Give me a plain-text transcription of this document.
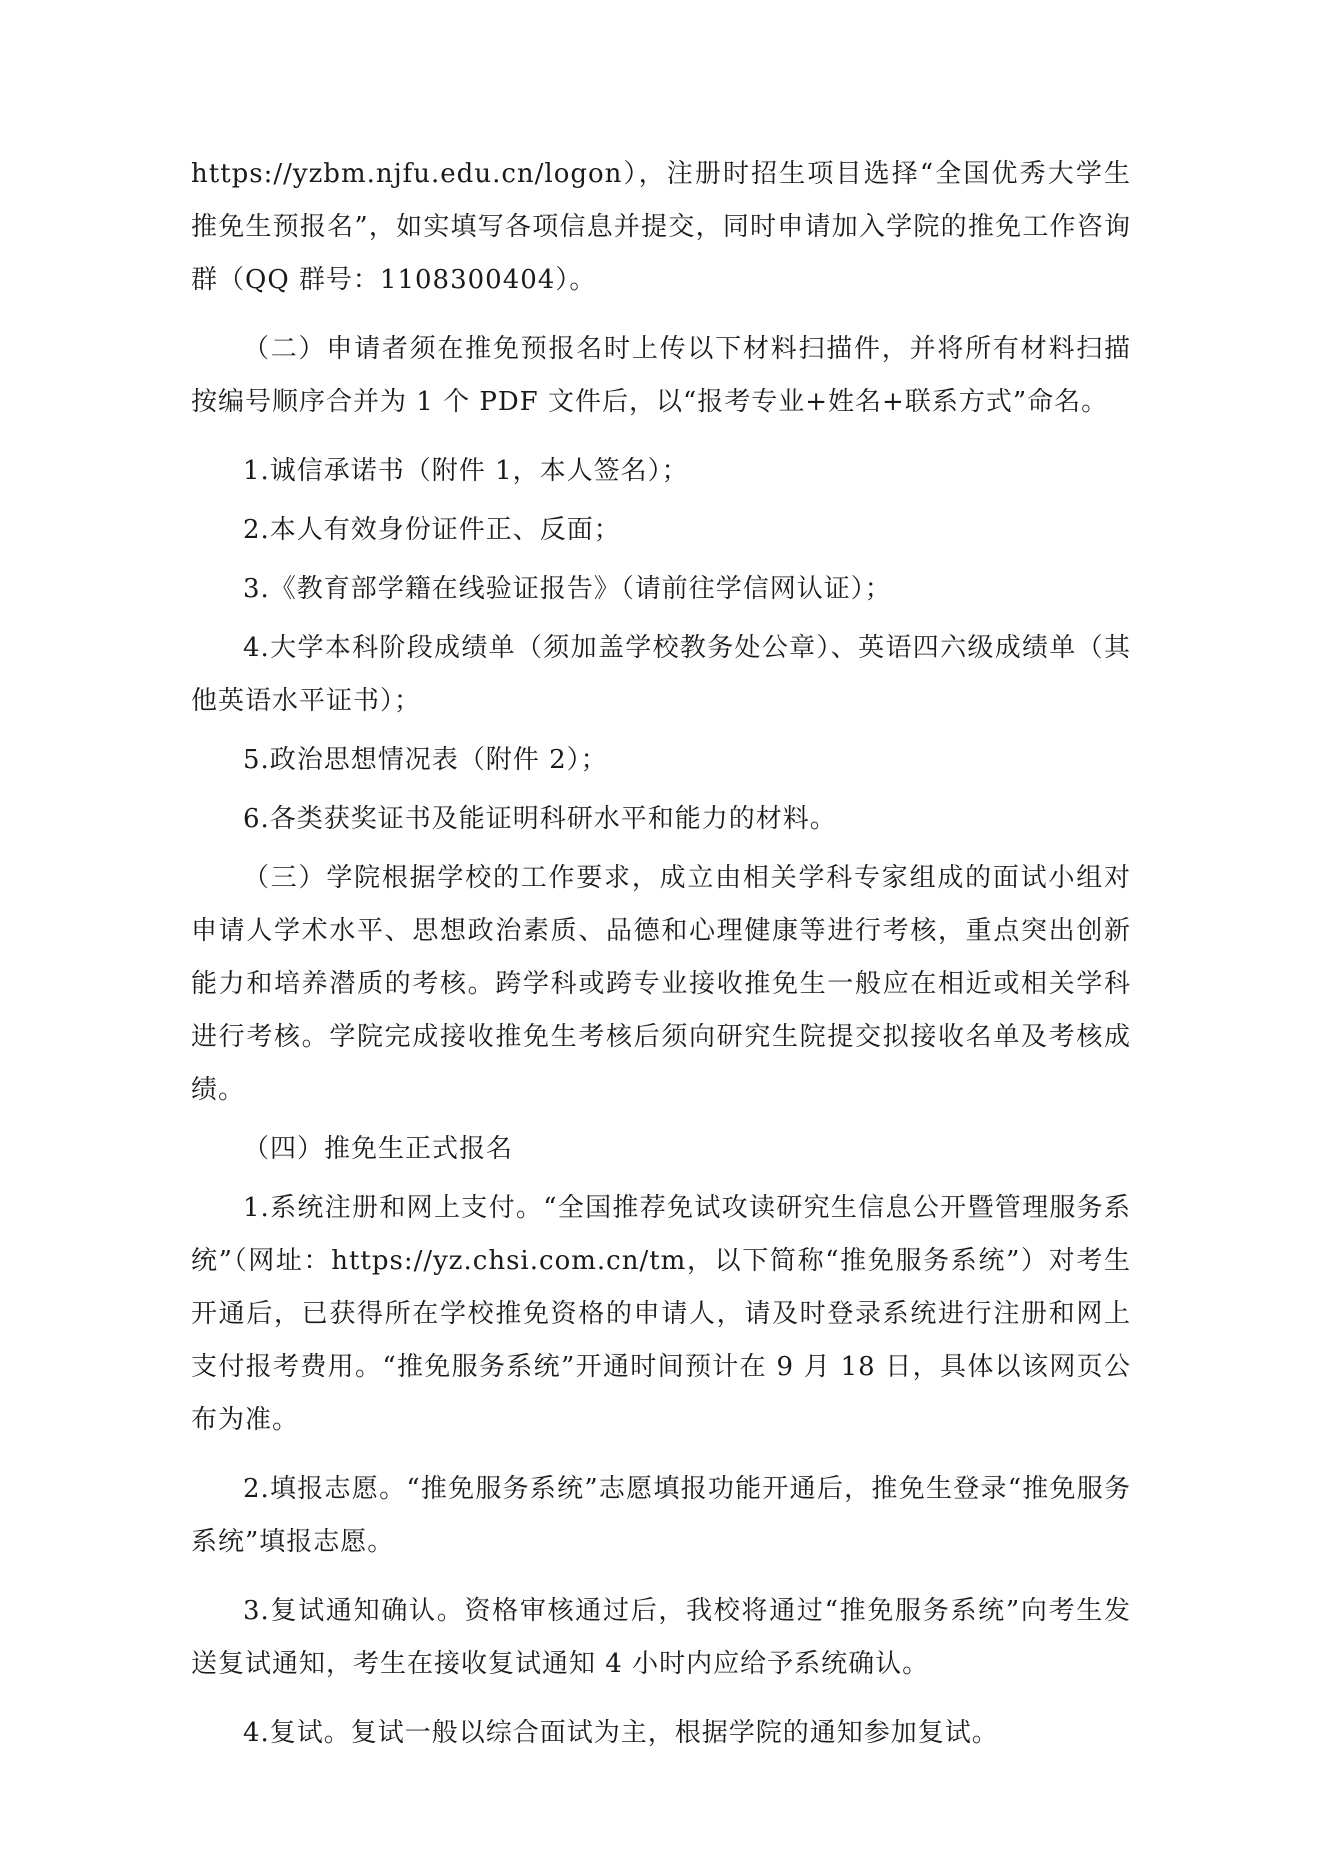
https://yzbm.njfu.edu.cn/logon），注册时招生项目选择“全国优秀大学生推免生预报名”，如实填写各项信息并提交，同时申请加入学院的推免工作咨询群（QQ 群号：1108300404）。

（二）申请者须在推免预报名时上传以下材料扫描件，并将所有材料扫描按编号顺序合并为 1 个 PDF 文件后，以“报考专业+姓名+联系方式”命名。

1.诚信承诺书（附件 1，本人签名）；

2.本人有效身份证件正、反面；

3.《教育部学籍在线验证报告》（请前往学信网认证）；

4.大学本科阶段成绩单（须加盖学校教务处公章）、英语四六级成绩单（其他英语水平证书）；

5.政治思想情况表（附件 2）；

6.各类获奖证书及能证明科研水平和能力的材料。

（三）学院根据学校的工作要求，成立由相关学科专家组成的面试小组对申请人学术水平、思想政治素质、品德和心理健康等进行考核，重点突出创新能力和培养潜质的考核。跨学科或跨专业接收推免生一般应在相近或相关学科进行考核。学院完成接收推免生考核后须向研究生院提交拟接收名单及考核成绩。

（四）推免生正式报名

1.系统注册和网上支付。“全国推荐免试攻读研究生信息公开暨管理服务系统”（网址：https://yz.chsi.com.cn/tm，以下简称“推免服务系统”）对考生开通后，已获得所在学校推免资格的申请人，请及时登录系统进行注册和网上支付报考费用。“推免服务系统”开通时间预计在 9 月 18 日，具体以该网页公布为准。

2.填报志愿。“推免服务系统”志愿填报功能开通后，推免生登录“推免服务系统”填报志愿。

3.复试通知确认。资格审核通过后，我校将通过“推免服务系统”向考生发送复试通知，考生在接收复试通知 4 小时内应给予系统确认。

4.复试。复试一般以综合面试为主，根据学院的通知参加复试。
